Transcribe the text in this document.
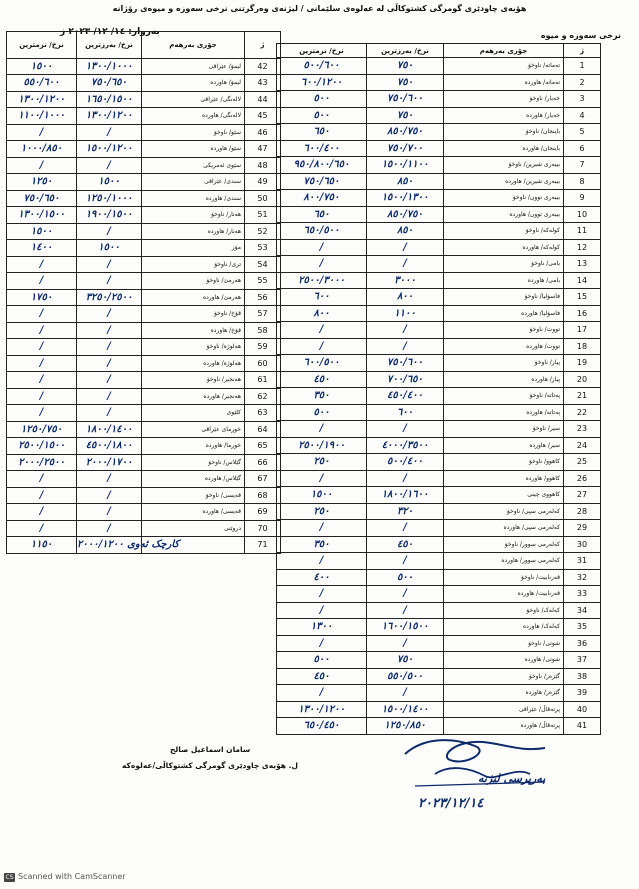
هۆبەی چاودێری گومرگی کشتوکاڵی لە عەلوەی سلێمانی / لیژنەی وەرگرتنی نرخی سەوزە و میوەی رۆژانە
نرخی سەوزە و میوە
بەروار: ١٤/ ١٢/ ٢٠٢٣ ز
نرخ/ نزمترین	نرخ/ بەرزترین	جۆری بەرهەم	ژ
١٥٠٠	١٣٠٠/١٠٠٠	لیمۆ/ عێراقی	42
٥٥٠/٦٠٠	٧٥٠/٦٥٠	لیمۆ/ هاوردە	43
١٣٠٠/١٢٠٠	١٦٥٠/١٥٠٠	لالەنگی/ عێراقی	44
١١٠٠/١٠٠٠	١٣٠٠/١٢٠٠	لالەنگی/ هاوردە	45
/	/	سێو/ ناوخۆ	46
١٠٠٠/٨٥٠	١٥٠٠/١٢٠٠	سێو/ هاوردە	47
/	/	سێوی ئەمریکی	48
١٢٥٠	١٥٠٠	سندی/ عێراقی	49
٧٥٠/٦٥٠	١٢٥٠/١٠٠٠	سندی/ هاوردە	50
١٣٠٠/١٥٠٠	١٩٠٠/١٥٠٠	هەنار/ ناوخۆ	51
١٥٠٠	/	هەنار/ هاوردە	52
١٤٠٠	١٥٠٠	مۆز	53
/	/	تری/ ناوخۆ	54
/	/	هەرمێ/ ناوخۆ	55
١٧٥٠	٣٢٥٠/٢٥٠٠	هەرمێ/ هاوردە	56
/	/	قۆخ/ ناوخۆ	57
/	/	قۆخ/ هاوردە	58
/	/	هەلوژە/ ناوخۆ	59
/	/	هەلوژە/ هاوردە	60
/	/	هەنجیر/ ناوخۆ	61
/	/	هەنجیر/ هاوردە	62
/	/	کلێوی	63
١٢٥٠/٧٥٠	١٨٠٠/١٤٠٠	خورمای عێراقی	64
٢٥٠٠/١٥٠٠	٤٥٠٠/١٨٠٠	خورما/ هاوردە	65
٢٠٠٠/٢٥٠٠	٢٠٠٠/١٧٠٠	گێلاس/ ناوخۆ	66
/	/	گێلاس/ هاوردە	67
/	/	قەیسی/ ناوخۆ	68
/	/	قەیسی/ هاوردە	69
/	/	دروێنی	70
١١٥٠	کارچک ئەوی ٢٠٠٠/١٢٠٠		71
نرخ/ نزمترین	نرخ/ بەرزترین	جۆری بەرهەم	ژ
٥٠٠/٦٠٠	٧٥٠	تەماتە/ ناوخۆ	1
٦٠٠/١٢٠٠	٧٥٠	تەماتە/ هاوردە	2
٥٠٠	٧٥٠/٦٠٠	خەیار/ ناوخۆ	3
٥٠٠	٧٥٠	خەیار/ هاوردە	4
٦٥٠	٨٥٠/٧٥٠	باینجان/ ناوخۆ	5
٦٠٠/٤٠٠	٧٥٠/٧٠٠	باینجان/ هاوردە	6
٩٥٠/٨٠٠/٦٥٠	١٥٠٠/١١٠٠	بیبەری شیرین/ ناوخۆ	7
٧٥٠/٦٥٠	٨٥٠	بیبەری شیرین/ هاوردە	8
٨٠٠/٧٥٠	١٥٠٠/١٣٠٠	بیبەری توون/ ناوخۆ	9
٦٥٠	٨٥٠/٧٥٠	بیبەری توون/ هاوردە	10
٦٥٠/٥٠٠	٨٥٠	کولەکە/ ناوخۆ	11
/	/	کولەکە/ هاوردە	12
/	/	بامی/ ناوخۆ	13
٢٥٠٠/٣٠٠٠	٣٠٠٠	بامی/ هاوردە	14
٦٠٠	٨٠٠	فاسۆلیا/ ناوخۆ	15
٨٠٠	١١٠٠	فاسۆلیا/ هاوردە	16
/	/	تووت/ ناوخۆ	17
/	/	تووت/ هاوردە	18
٦٠٠/٥٠٠	٧٥٠/٦٠٠	پیاز/ ناوخۆ	19
٤٥٠	٧٠٠/٦٥٠	پیاز/ هاوردە	20
٣٥٠	٤٥٠/٤٠٠	پەتاتە/ ناوخۆ	21
٥٠٠	٦٠٠	پەتاتە/ هاوردە	22
/	/	سیر/ ناوخۆ	23
٢٥٠٠/١٩٠٠	٤٠٠٠/٣٥٠٠	سیر/ هاوردە	24
٢٥٠	٥٠٠/٤٠٠	کاهوو/ ناوخۆ	25
/	/	کاهوو/ هاوردە	26
١٥٠٠	١٨٠٠/١٦٠٠	کاهووی چینی	27
٢٥٠	٣٢٠	کەلەرمی سپی/ ناوخۆ	28
/	/	کەلەرمی سپی/ هاوردە	29
٣٥٠	٤٥٠	کەلەرمی سوور/ ناوخۆ	30
/	/	کەلەرمی سوور/ هاوردە	31
٤٠٠	٥٠٠	قەرنابیت/ ناوخۆ	32
/	/	قەرنابیت/ هاوردە	33
/	/	کەلەک/ ناوخۆ	34
١٣٠٠	١٦٠٠/١٥٠٠	کەلەک/ هاوردە	35
/	/	شوتی/ ناوخۆ	36
٥٠٠	٧٥٠	شوتی/ هاوردە	37
٤٥٠	٥٥٠/٥٠٠	گێزەر/ ناوخۆ	38
/	/	گێزەر/ هاوردە	39
١٣٠٠/١٢٠٠	١٥٠٠/١٤٠٠	پرتەقاڵ/ عێراقی	40
٦٥٠/٤٥٠	١٢٥٠/٨٥٠	پرتەقاڵ/ هاوردە	41
سامان اسماعیل صالح
ل. هۆبەی چاودێری گومرگی کشتوکاڵی/عەلوەکە
بەرپرسی لیژنە
٢٠٢٣/١٢/١٤
CS Scanned with CamScanner
